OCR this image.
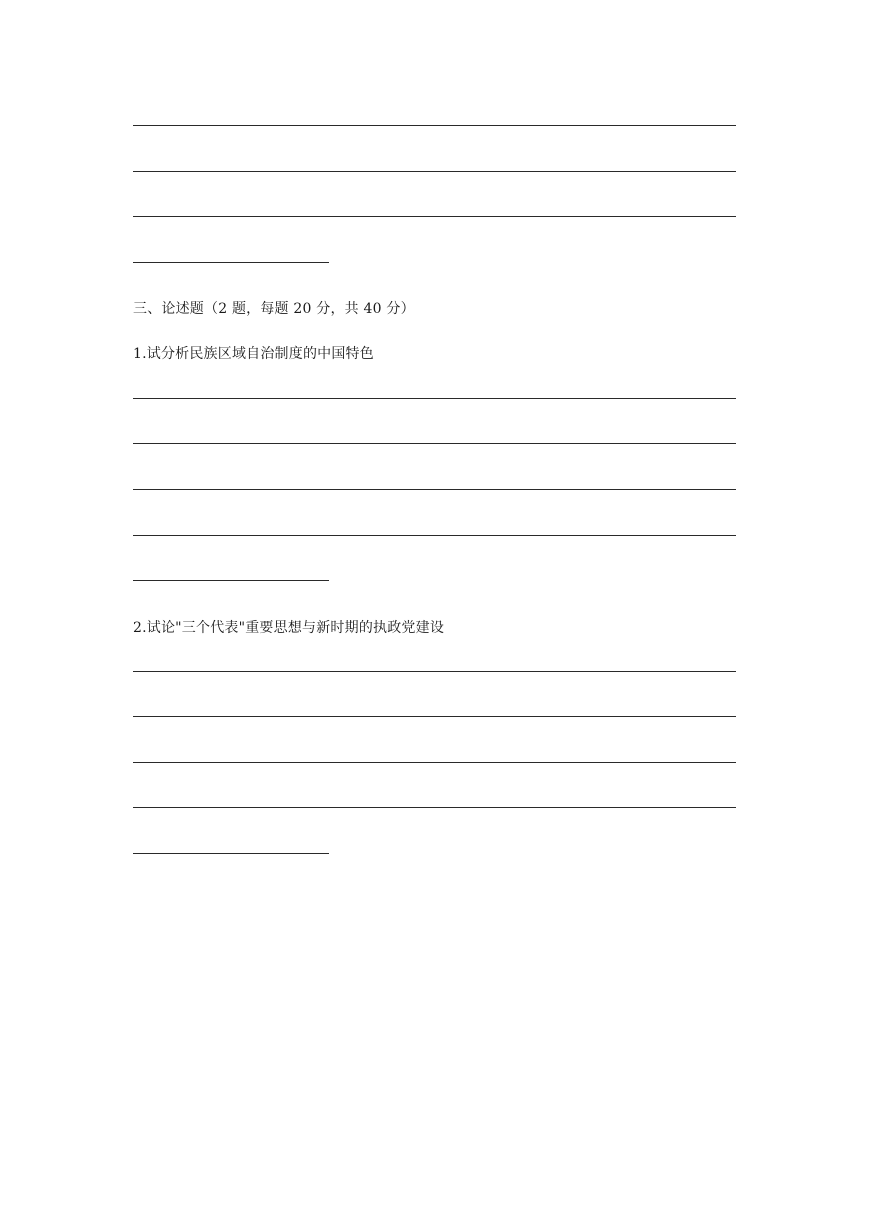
三、论述题（2 题，每题 20 分，共 40 分）
1.试分析民族区域自治制度的中国特色
2.试论"三个代表"重要思想与新时期的执政党建设
